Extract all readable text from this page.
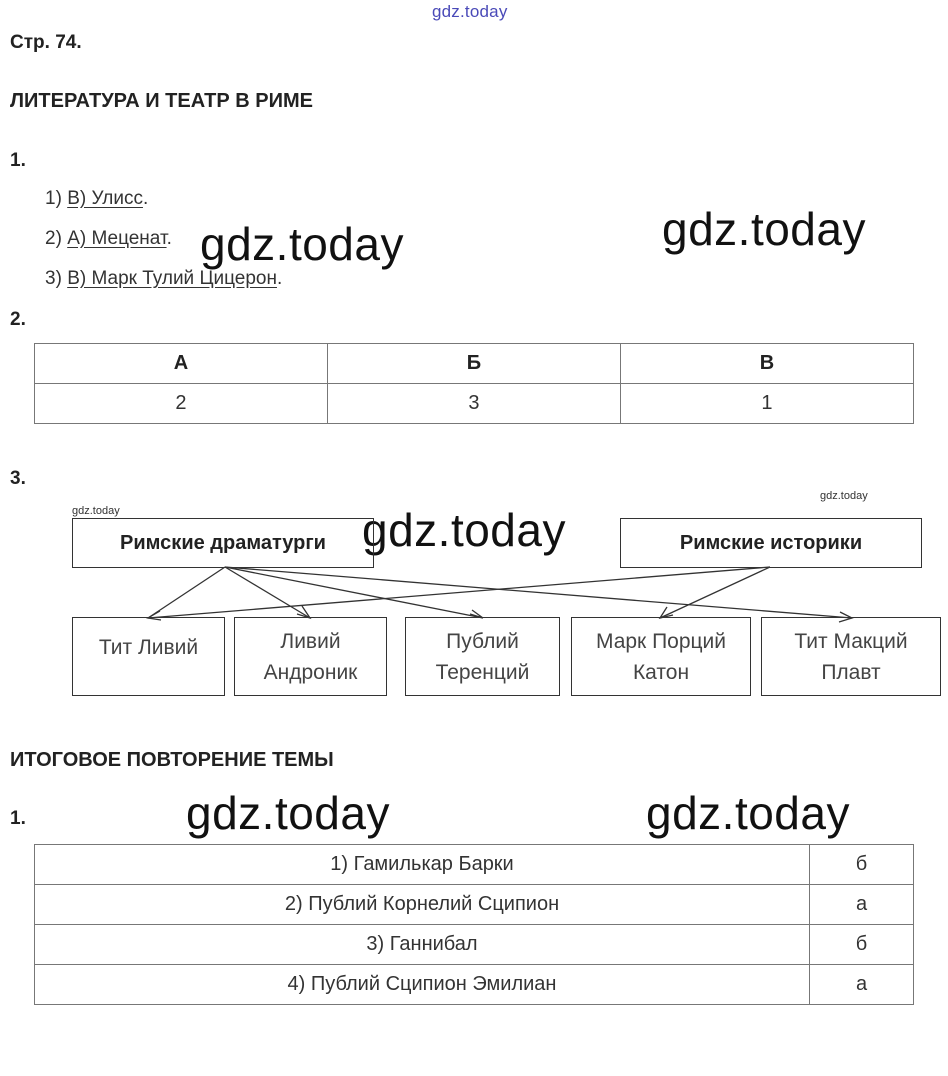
gdz.today
gdz.today	gdz.today
gdz.today
gdz.today	gdz.today
gdz.today
gdz.today
Стр. 74.
ЛИТЕРАТУРА И ТЕАТР В РИМЕ
1.
1) В) Улисс.
2) А) Меценат.
3) В) Марк Тулий Цицерон.
2.
А	Б	В
2	3	1
3.
Римские драматурги	Римские историки
Тит Ливий	Ливий
Андроник
Публий
Теренций
Марк Порций
Катон
Тит Макций
Плавт
ИТОГОВОЕ ПОВТОРЕНИЕ ТЕМЫ
1.
1) Гамилькар Барки	б
2) Публий Корнелий Сципион	а
3) Ганнибал	б
4) Публий Сципион Эмилиан	а
